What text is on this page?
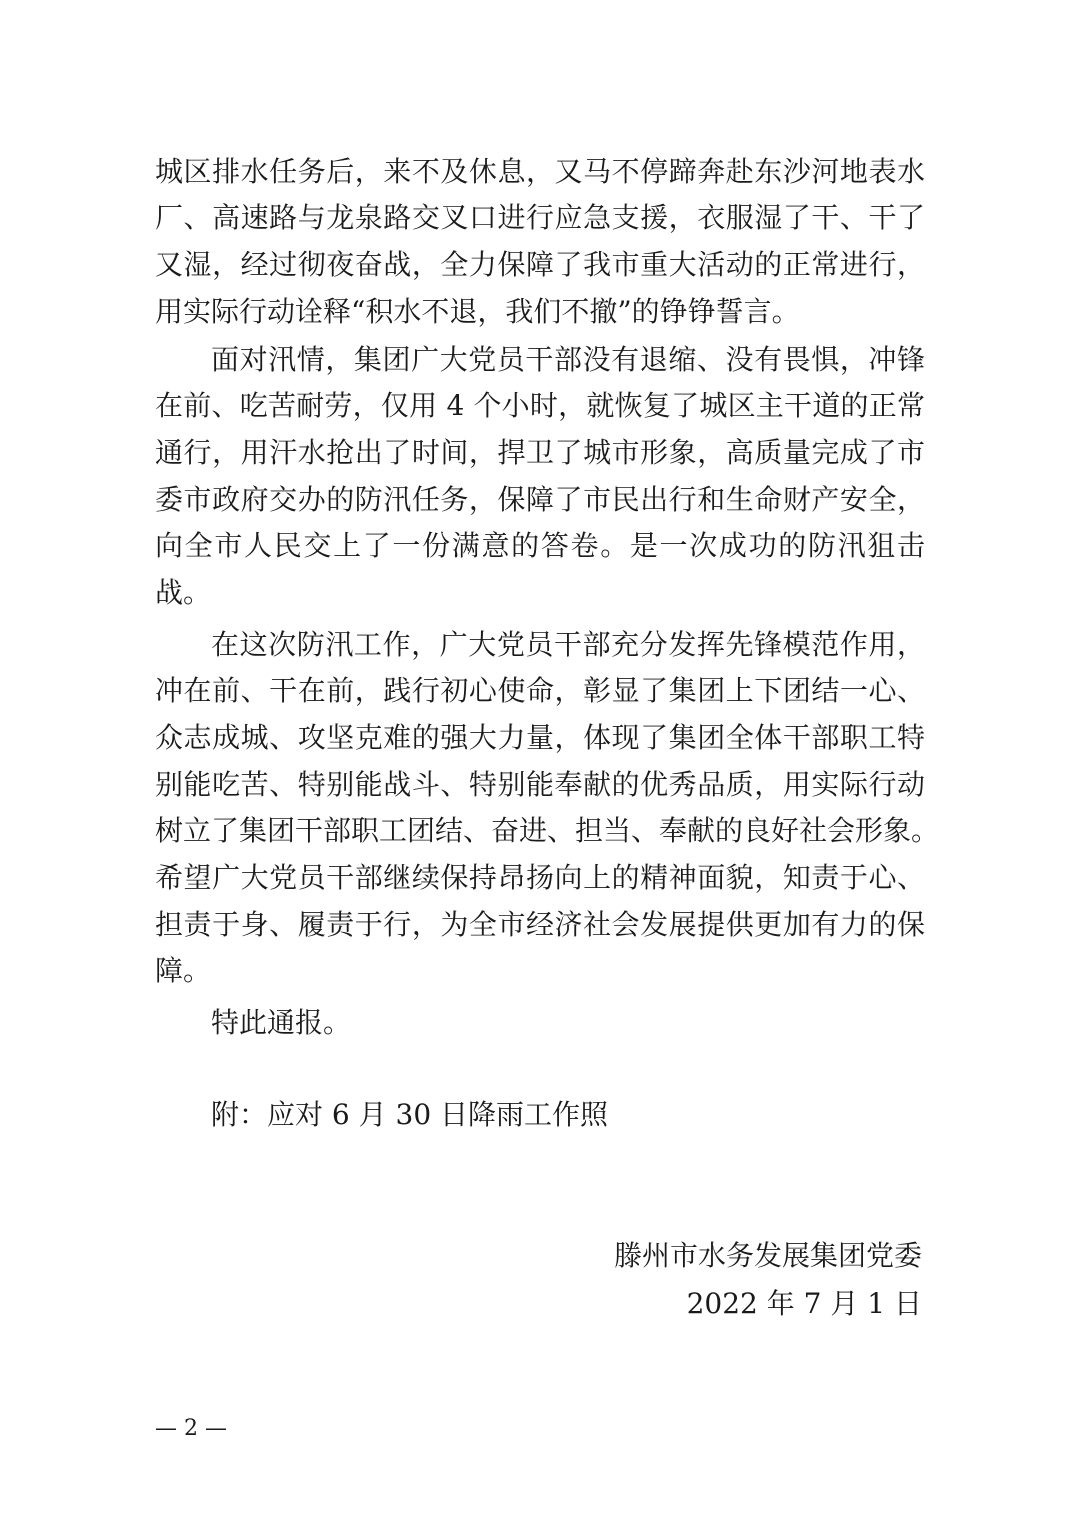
城区排水任务后，来不及休息，又马不停蹄奔赴东沙河地表水
厂、高速路与龙泉路交叉口进行应急支援，衣服湿了干、干了
又湿，经过彻夜奋战，全力保障了我市重大活动的正常进行，
用实际行动诠释“积水不退，我们不撤”的铮铮誓言。
面对汛情，集团广大党员干部没有退缩、没有畏惧，冲锋
在前、吃苦耐劳，仅用 4 个小时，就恢复了城区主干道的正常
通行，用汗水抢出了时间，捍卫了城市形象，高质量完成了市
委市政府交办的防汛任务，保障了市民出行和生命财产安全，
向全市人民交上了一份满意的答卷。是一次成功的防汛狙击
战。
在这次防汛工作，广大党员干部充分发挥先锋模范作用，
冲在前、干在前，践行初心使命，彰显了集团上下团结一心、
众志成城、攻坚克难的强大力量，体现了集团全体干部职工特
别能吃苦、特别能战斗、特别能奉献的优秀品质，用实际行动
树立了集团干部职工团结、奋进、担当、奉献的良好社会形象。
希望广大党员干部继续保持昂扬向上的精神面貌，知责于心、
担责于身、履责于行，为全市经济社会发展提供更加有力的保
障。
特此通报。
附：应对 6 月 30 日降雨工作照
滕州市水务发展集团党委
2022 年 7 月 1 日
— 2 —
